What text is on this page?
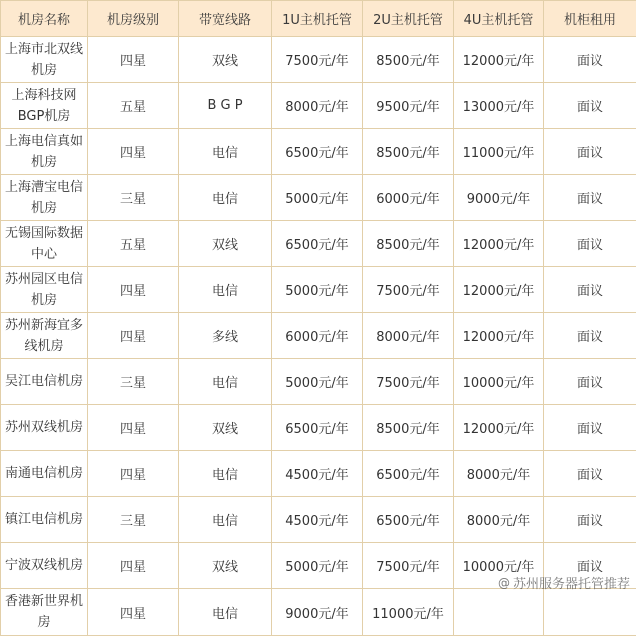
机房名称	机房级别	带宽线路	1U主机托管	2U主机托管	4U主机托管	机柜租用
上海市北双线机房	四星	双线	7500元/年	8500元/年	12000元/年	面议
上海科技网BGP机房	五星	B G P	8000元/年	9500元/年	13000元/年	面议
上海电信真如机房	四星	电信	6500元/年	8500元/年	11000元/年	面议
上海漕宝电信机房	三星	电信	5000元/年	6000元/年	9000元/年	面议
无锡国际数据中心	五星	双线	6500元/年	8500元/年	12000元/年	面议
苏州园区电信机房	四星	电信	5000元/年	7500元/年	12000元/年	面议
苏州新海宜多线机房	四星	多线	6000元/年	8000元/年	12000元/年	面议
吴江电信机房	三星	电信	5000元/年	7500元/年	10000元/年	面议
苏州双线机房	四星	双线	6500元/年	8500元/年	12000元/年	面议
南通电信机房	四星	电信	4500元/年	6500元/年	8000元/年	面议
镇江电信机房	三星	电信	4500元/年	6500元/年	8000元/年	面议
宁波双线机房	四星	双线	5000元/年	7500元/年	10000元/年	面议
香港新世界机房	四星	电信	9000元/年	11000元/年		
@ 苏州服务器托管推荐
